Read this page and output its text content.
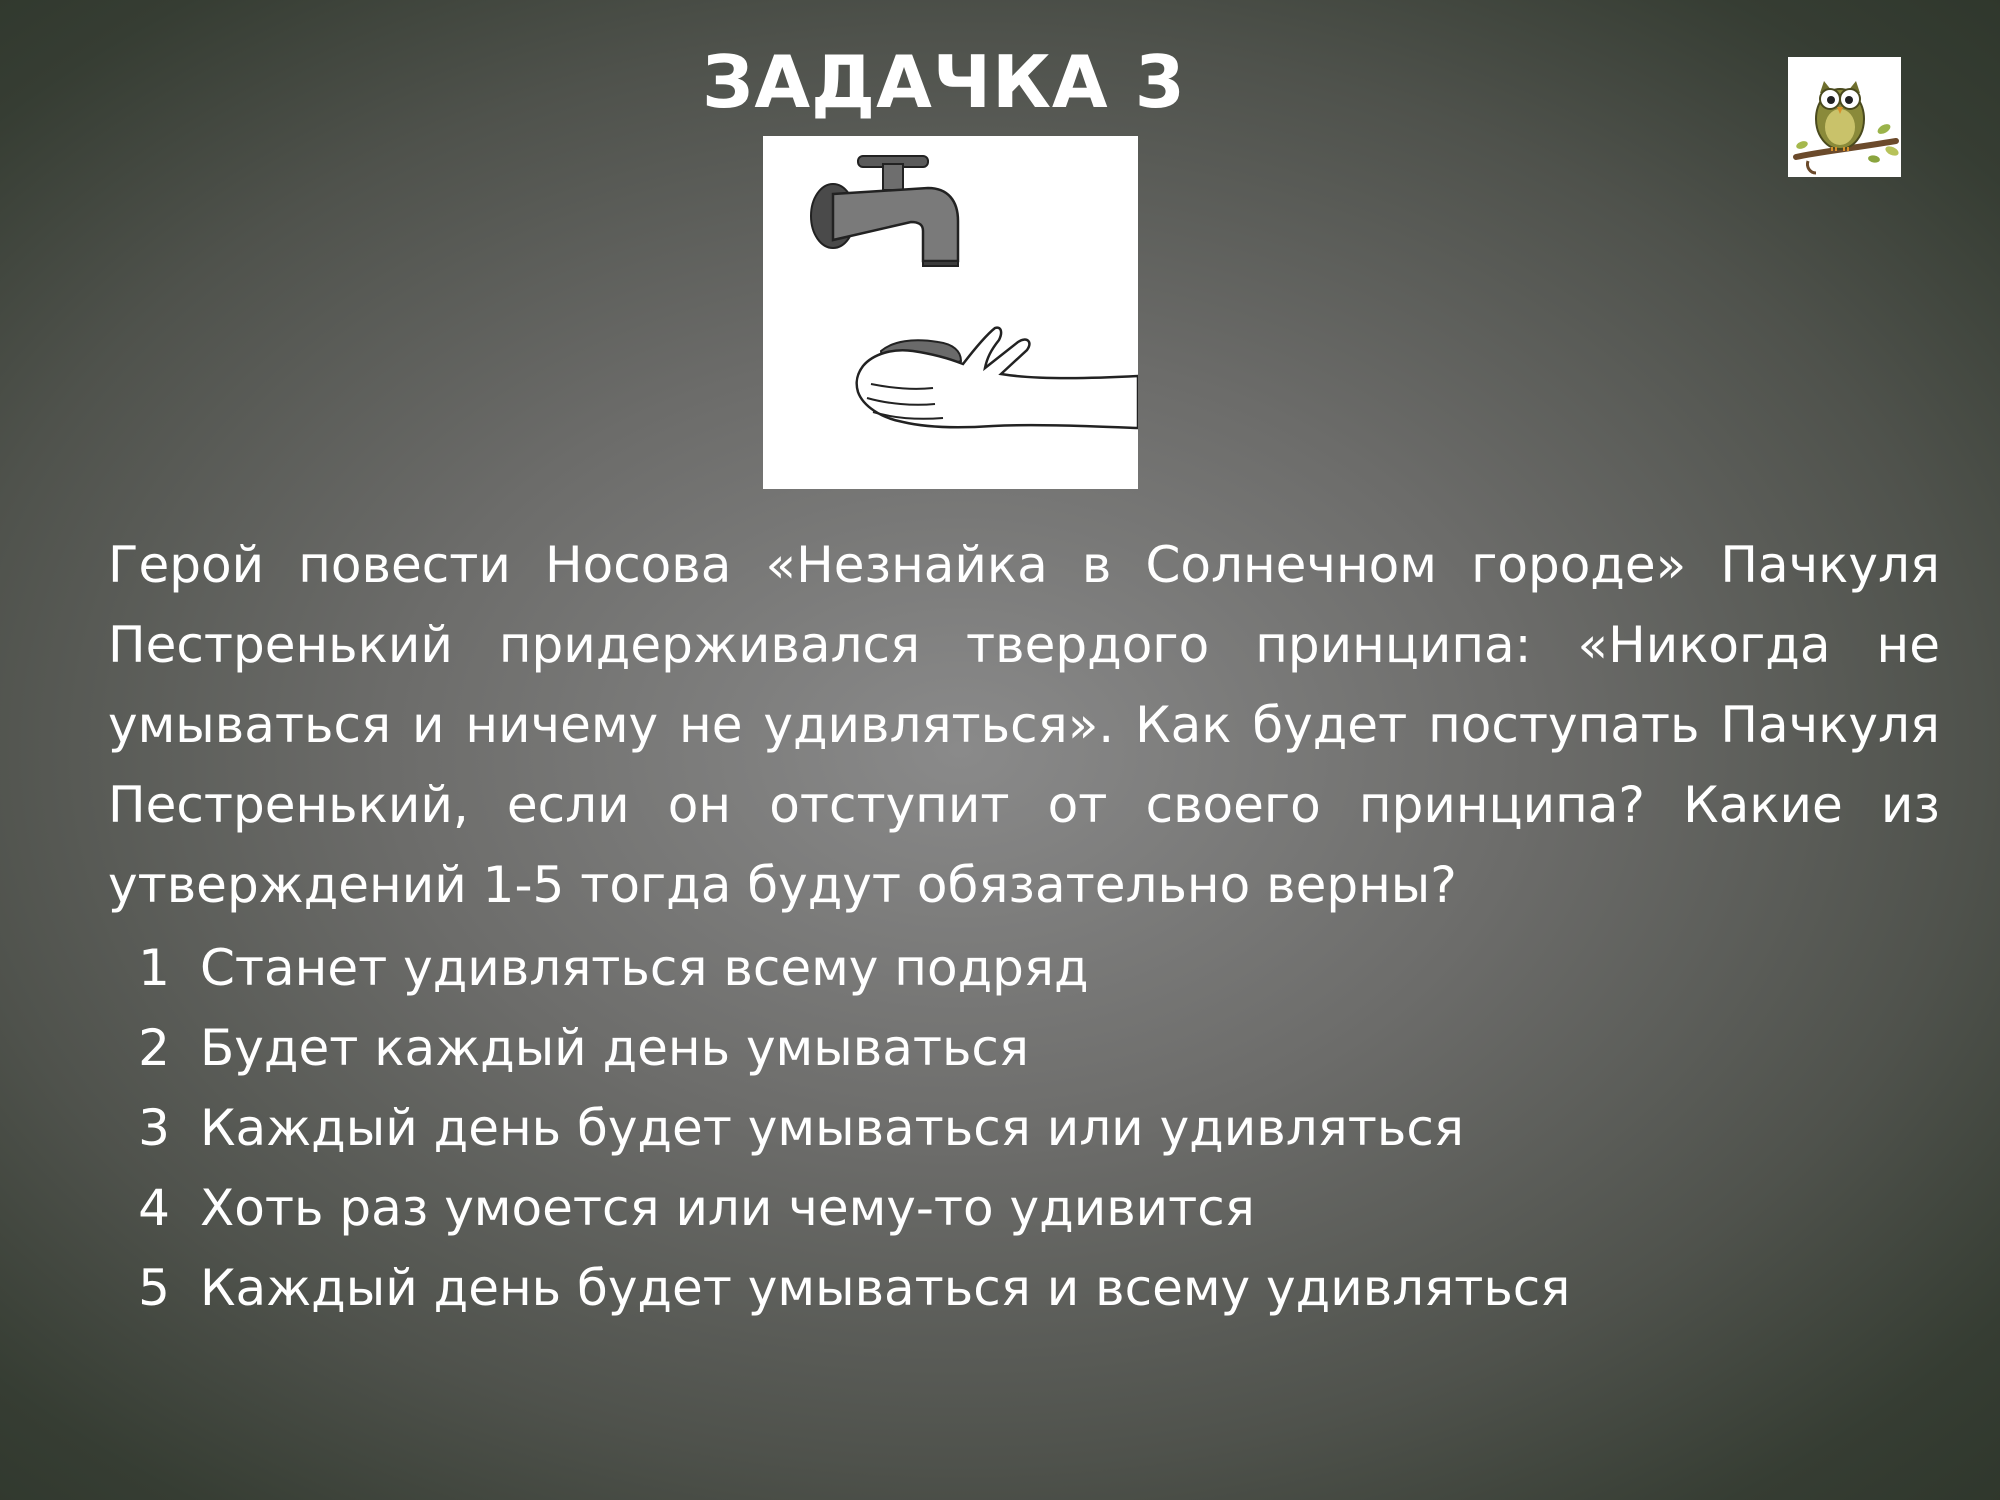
ЗАДАЧКА 3

Герой повести Носова «Незнайка в Солнечном городе» Пачкуля Пестренький придерживался твердого принципа: «Никогда не умываться и ничему не удивляться». Как будет поступать Пачкуля Пестренький, если он отступит от своего принципа? Какие из утверждений 1-5 тогда будут обязательно верны?

1 Станет удивляться всему подряд
2 Будет каждый день умываться
3 Каждый день будет умываться или удивляться
4 Хоть раз умоется или чему-то удивится
5 Каждый день будет умываться и всему удивляться
